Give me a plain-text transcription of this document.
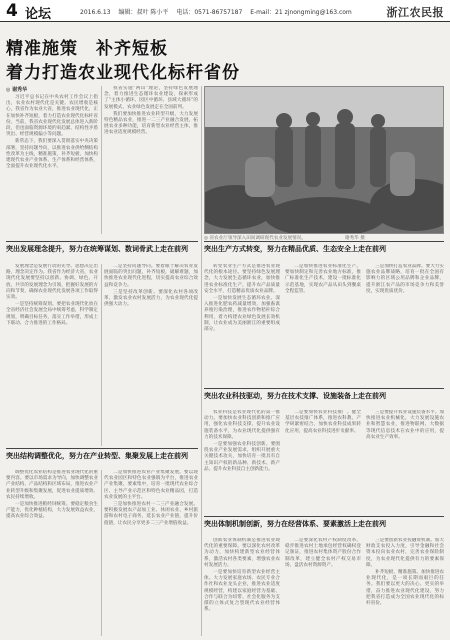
4 论坛	2016.6.13　 编辑：叔叶 陈小平　 电话：0571-86757187　 E-mail：21 zjnongming@163.com	浙江农民报
精准施策　补齐短板
着力打造农业现代化标杆省份
◎ 谢秀华

习近平总书记在中央农村工作会议上指出，农业农村现代化是关键。农民增收是核心，我省作为农业大省，推进农业现代化，正在加快补齐短板，着力打造农业现代化标杆省份。当前，我省农业现代化发展总体进入新阶段，但也面临资源环境约束趋紧、结构性矛盾突出、经营规模偏小等问题。

新常态下，我们要深入贯彻落实中央决策部署，坚持问题导向，以推进农业供给侧结构性改革为主线，精准施策，补齐短板，加快构建现代农业产业体系、生产体系和经营体系，全面提升农业现代化水平。

我省实施“两山”理论，坚持绿色发展理念，着力推进生态循环农业建设，探索形成了“主体小循环、园区中循环、县域大循环”的发展模式，农业绿色发展走在全国前列。

我们要加快推进农业转型升级，大力发展特色精品农业，推进一二三产业融合发展，拓展农业多种功能，培育新型农业经营主体，推进农业适度规模经营。

◎ 省农业厅领导深入田间调研现代农业发展情况。　　　　　　　　　谢秀华 摄
突出发展理念提升，努力在统筹谋划、数词骨武上走在前列

发展理念是发展行动的先导。思想决定出路，理念决定作为。我省作为经济大省，农业现代化发展要坚持以创新、协调、绿色、开放、共享的发展理念为引领，把握好发展的方向和节奏，确保农业现代化发展各项工作取得实效。

一是坚持统筹谋划。要把农业现代化放在全省经济社会发展全局中统筹考虑，科学制定规划，明确目标任务，落实工作举措，形成上下联动、合力推进的工作格局。

二是坚持问题导向。要着眼于解决农业发展面临的突出问题，补齐短板，破解难题，加快推进农业现代化进程，切实提高农业综合效益和竞争力。

三是坚持改革创新。要深化农村各项改革，激发农业农村发展活力，为农业现代化提供强大动力。

突出生产方式转变，努力在精品优质、生态安全上走在前列

转变农业生产方式是推进农业现代化的根本途径。要坚持绿色发展理念，大力发展生态循环农业，加快推进农业标准化生产，提升农产品质量安全水平，打造精品优质农业品牌。

一是加快发展生态循环农业。深入推进化肥农药减量增效，加强畜禽养殖污染治理，推进农作物秸秆综合利用，着力构建农业绿色发展长效机制，让农业成为美丽浙江的重要组成部分。

二是加快推进农业标准化生产。要加快制定和完善农业地方标准，推广标准化生产技术，建设一批标准化示范基地，实现农产品从田头到餐桌全程监管。

三是加快打造农业品牌。要大力实施农业品牌战略，培育一批在全国有影响力的区域公用品牌和企业品牌，提升浙江农产品的市场竞争力和美誉度，实现优质优价。

突出农业科技驱动，努力在技术支撑、设施装备上走在前列

农业科技是农业现代化的第一推动力。要加快农业科技创新和推广应用，强化农业科技支撑，提升农业设施装备水平，为农业现代化提供强有力的技术保障。

一是要加强农业科技创新。要围绕农业产业发展需求，组织开展重大关键技术攻关，加快培育一批具有自主知识产权的新品种、新技术、新产品，提升农业科技自主创新能力。

二是要加快农业科技推广。健全基层农技推广体系，推进农科教、产学研紧密结合，加快农业科技成果转化应用，提高农业科技进步贡献率。

三是要提升农业设施装备水平。加快推进农业机械化，大力发展设施农业和智慧农业，推进物联网、大数据等现代信息技术在农业中的应用，提高农业生产效率。

突出结构调整优化，努力在产业转型、集聚发展上走在前列

调整优化农业结构是推进农业现代化的重要内容。要以市场需求为导向，加快调整农业产业结构、产品结构和区域布局，推进农业产业转型升级和集聚发展，促进农业提质增效、农民持续增收。

一是加快推进粮经饲统筹。要稳定粮食生产能力，优化种植结构，大力发展效益农业，提高农业综合效益。

二是加快推进农业产业集聚发展。要以现代农业园区和特色农业强镇为平台，推进农业产业集聚、要素集中，培育一批现代农业综合区、主导产业示范区和特色农业精品园，打造农业发展的主平台。

三是加快推进农村一二三产业融合发展。要积极发展农产品加工业、休闲农业、乡村旅游和农村电子商务，延长农业产业链，提升价值链，让农民分享更多二三产业增值收益。	突出体制机制创新，努力在经营体系、要素激活上走在前列

创新农业体制机制是推进农业现代化的重要保障。要以深化农村改革为动力，加快构建新型农业经营体系，激活农村各类要素，增强农业农村发展活力。

一是要加快培育新型农业经营主体。大力发展家庭农场、农民专业合作社和农业龙头企业，推进农业适度规模经营，构建以家庭经营为基础、合作与联合为纽带、社会化服务为支撑的立体式复合型现代农业经营体系。

二是要深化农村产权制度改革。稳步推进农村土地承包经营权确权登记颁证，推进农村集体资产股份合作制改革，建立健全农村产权交易市场，盘活农村资源资产。

三是要创新农业投融资机制。加大财政支农投入力度，引导金融和社会资本投向农业农村，完善农业保险制度，为农业现代化提供有力的要素保障。

补齐短板，精准施策。加快推进农业现代化，是一项长期而艰巨的任务。我们要以更大的决心、更实的举措，奋力推进农业现代化建设，努力把我省打造成为全国农业现代化的标杆省份。
